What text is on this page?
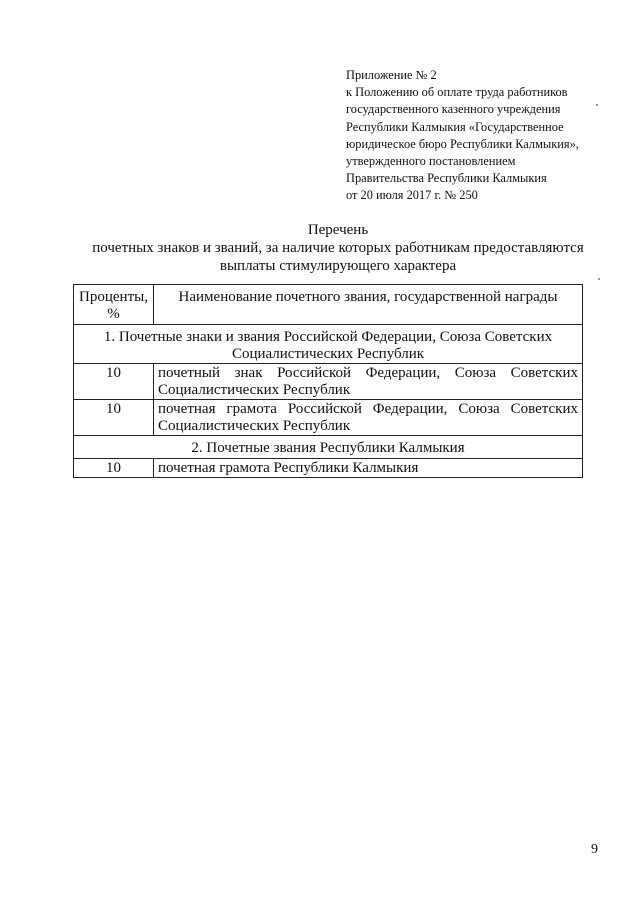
Приложение № 2
к Положению об оплате труда работников
государственного казенного учреждения
Республики Калмыкия «Государственное
юридическое бюро Республики Калмыкия»,
утвержденного постановлением
Правительства Республики Калмыкия
от 20 июля 2017 г. № 250
Перечень
почетных знаков и званий, за наличие которых работникам предоставляются
выплаты стимулирующего характера
Проценты, %	Наименование почетного звания, государственной награды
1. Почетные знаки и звания Российской Федерации, Союза Советских Социалистических Республик	
10	почетный знак Российской Федерации, Союза Советских Социалистических Республик
10	почетная грамота Российской Федерации, Союза Советских Социалистических Республик
2. Почетные звания Республики Калмыкия	
10	почетная грамота Республики Калмыкия
9
